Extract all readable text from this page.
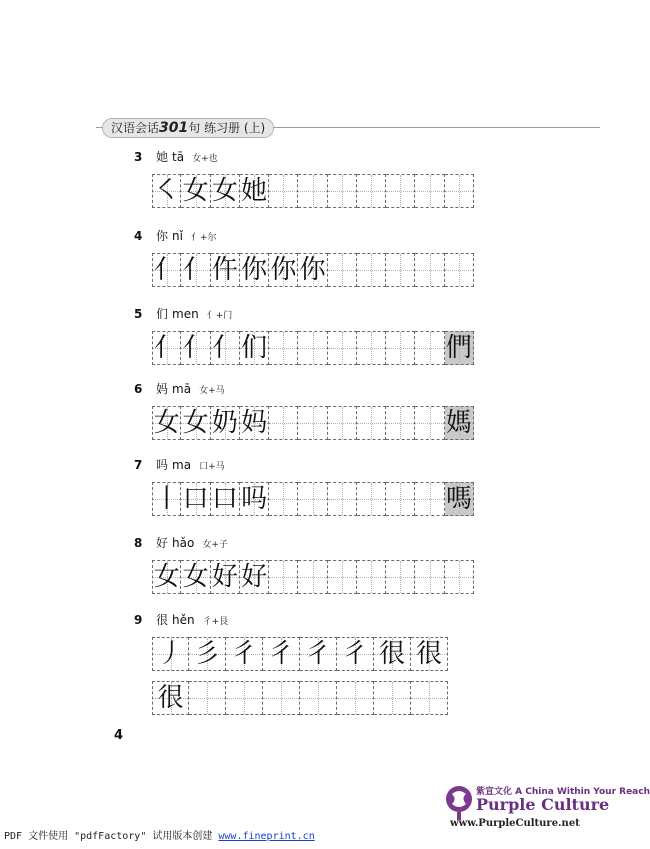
汉语会话301句 练习册 (上)
3 她 tā 女+也
㇛ 女 女 她
4 你 nǐ 亻+尔
亻 亻 仵 你 你 你
5 们 men 亻+门
亻 亻 亻 们	們
6 妈 mā 女+马
女 女 奶 妈	媽
7 吗 ma 口+马
丨 口 口 吗	嗎
8 好 hǎo 女+子
女 女 好 好
9 很 hěn 彳+艮
丿 彡 彳 彳 彳 彳 很 很
很
4
紫宣文化 A China Within Your Reach
Purple Culture
www.PurpleCulture.net
PDF 文件使用 "pdfFactory" 试用版本创建 www.fineprint.cn
